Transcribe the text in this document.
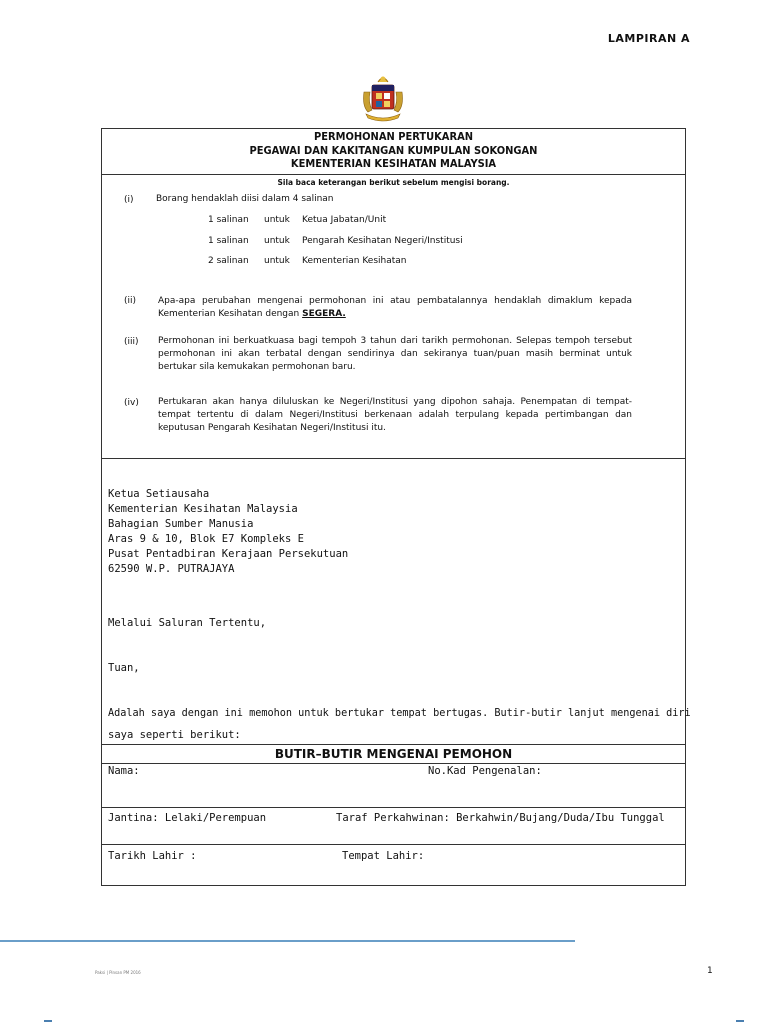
LAMPIRAN A
PERMOHONAN PERTUKARAN
PEGAWAI DAN KAKITANGAN KUMPULAN SOKONGAN
KEMENTERIAN KESIHATAN MALAYSIA
Sila baca keterangan berikut sebelum mengisi borang.
(i) Borang hendaklah diisi dalam 4 salinan
1 salinan untuk Ketua Jabatan/Unit
1 salinan untuk Pengarah Kesihatan Negeri/Institusi
2 salinan untuk Kementerian Kesihatan
(ii) Apa-apa perubahan mengenai permohonan ini atau pembatalannya hendaklah dimaklum kepada Kementerian Kesihatan dengan SEGERA.
(iii) Permohonan ini berkuatkuasa bagi tempoh 3 tahun dari tarikh permohonan. Selepas tempoh tersebut permohonan ini akan terbatal dengan sendirinya dan sekiranya tuan/puan masih berminat untuk bertukar sila kemukakan permohonan baru.
(iv) Pertukaran akan hanya diluluskan ke Negeri/Institusi yang dipohon sahaja. Penempatan di tempat-tempat tertentu di dalam Negeri/Institusi berkenaan adalah terpulang kepada pertimbangan dan keputusan Pengarah Kesihatan Negeri/Institusi itu.
Ketua Setiausaha
Kementerian Kesihatan Malaysia
Bahagian Sumber Manusia
Aras 9 & 10, Blok E7 Kompleks E
Pusat Pentadbiran Kerajaan Persekutuan
62590 W.P. PUTRAJAYA
Melalui Saluran Tertentu,
Tuan,
Adalah saya dengan ini memohon untuk bertukar tempat bertugas. Butir-butir lanjut mengenai diri
saya seperti berikut:
BUTIR–BUTIR MENGENAI PEMOHON
Nama:	No.Kad Pengenalan:
Jantina: Lelaki/Perempuan	Taraf Perkahwinan: Berkahwin/Bujang/Duda/Ibu Tunggal
Tarikh Lahir :	Tempat Lahir:
Paksi | Pinsan PM 2016	1
